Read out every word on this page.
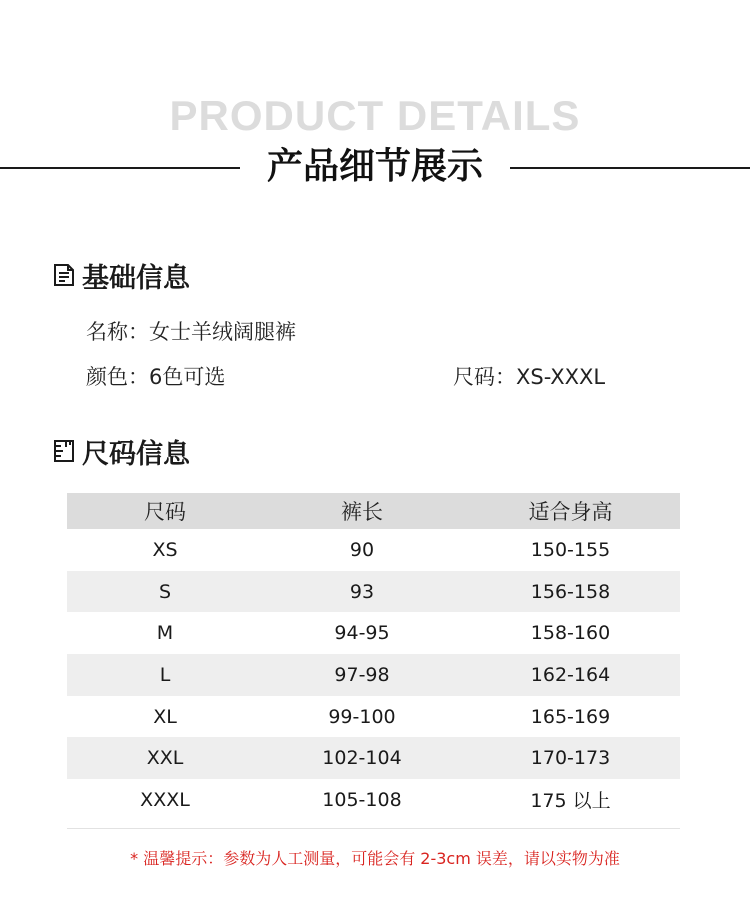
PRODUCT DETAILS
产品细节展示
基础信息
名称：女士羊绒阔腿裤
颜色：6色可选	尺码：XS-XXXL
尺码信息
尺码	裤长	适合身高
XS	90	150-155
S	93	156-158
M	94-95	158-160
L	97-98	162-164
XL	99-100	165-169
XXL	102-104	170-173
XXXL	105-108	175 以上
* 温馨提示：参数为人工测量，可能会有 2-3cm 误差，请以实物为准
